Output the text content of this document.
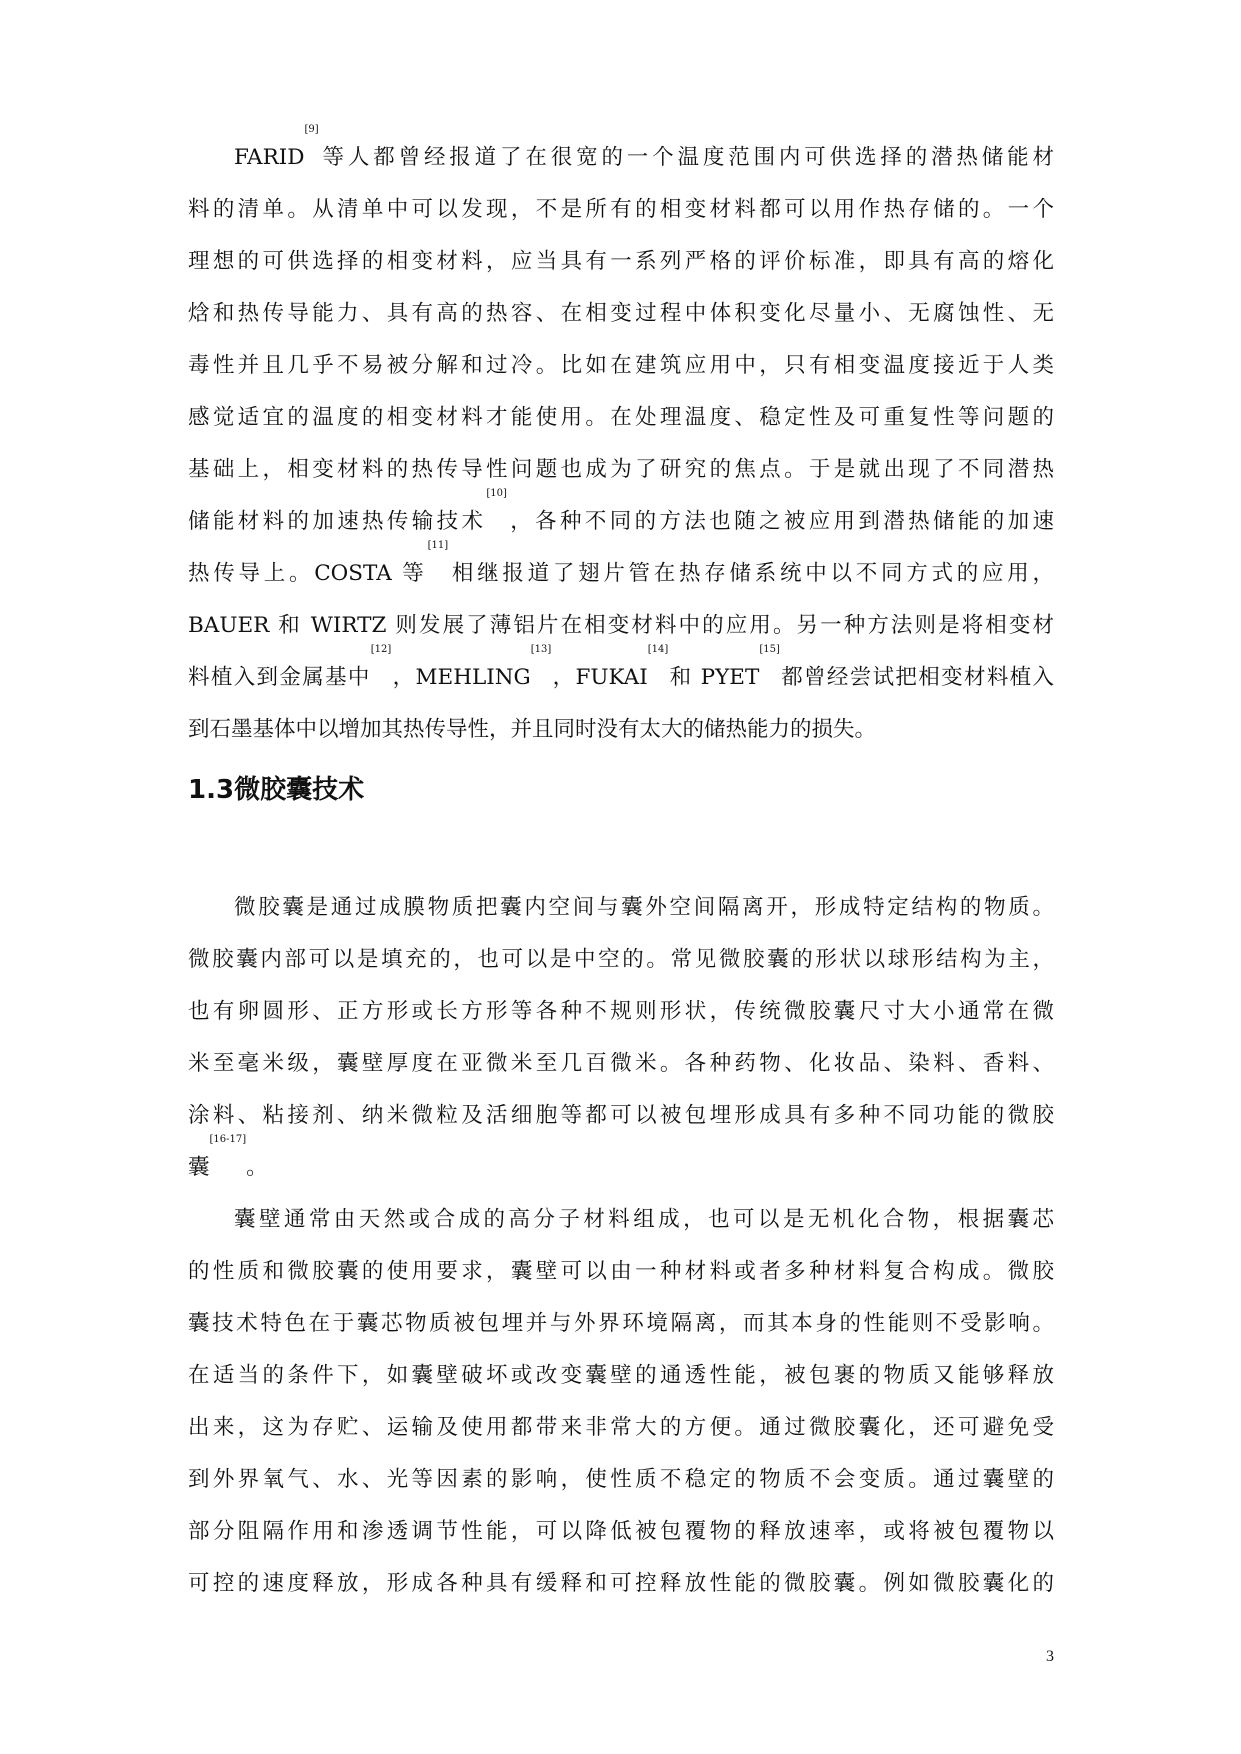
FARID[9]等人都曾经报道了在很宽的一个温度范围内可供选择的潜热储能材
料的清单。从清单中可以发现，不是所有的相变材料都可以用作热存储的。一个
理想的可供选择的相变材料，应当具有一系列严格的评价标准，即具有高的熔化
焓和热传导能力、具有高的热容、在相变过程中体积变化尽量小、无腐蚀性、无
毒性并且几乎不易被分解和过冷。比如在建筑应用中，只有相变温度接近于人类
感觉适宜的温度的相变材料才能使用。在处理温度、稳定性及可重复性等问题的
基础上，相变材料的热传导性问题也成为了研究的焦点。于是就出现了不同潜热
储能材料的加速热传输技术[10]，各种不同的方法也随之被应用到潜热储能的加速
热传导上。COSTA 等[11]相继报道了翅片管在热存储系统中以不同方式的应用，
BAUER 和 WIRTZ 则发展了薄铝片在相变材料中的应用。另一种方法则是将相变材
料植入到金属基中[12]，MEHLING[13]，FUKAI[14]和 PYET[15]都曾经尝试把相变材料植入
到石墨基体中以增加其热传导性，并且同时没有太大的储热能力的损失。
1.3微胶囊技术
微胶囊是通过成膜物质把囊内空间与囊外空间隔离开，形成特定结构的物质。
微胶囊内部可以是填充的，也可以是中空的。常见微胶囊的形状以球形结构为主，
也有卵圆形、正方形或长方形等各种不规则形状，传统微胶囊尺寸大小通常在微
米至毫米级，囊壁厚度在亚微米至几百微米。各种药物、化妆品、染料、香料、
涂料、粘接剂、纳米微粒及活细胞等都可以被包埋形成具有多种不同功能的微胶
囊[16-17]。
囊壁通常由天然或合成的高分子材料组成，也可以是无机化合物，根据囊芯
的性质和微胶囊的使用要求，囊壁可以由一种材料或者多种材料复合构成。微胶
囊技术特色在于囊芯物质被包埋并与外界环境隔离，而其本身的性能则不受影响。
在适当的条件下，如囊壁破坏或改变囊壁的通透性能，被包裹的物质又能够释放
出来，这为存贮、运输及使用都带来非常大的方便。通过微胶囊化，还可避免受
到外界氧气、水、光等因素的影响，使性质不稳定的物质不会变质。通过囊壁的
部分阻隔作用和渗透调节性能，可以降低被包覆物的释放速率，或将被包覆物以
可控的速度释放，形成各种具有缓释和可控释放性能的微胶囊。例如微胶囊化的
3
